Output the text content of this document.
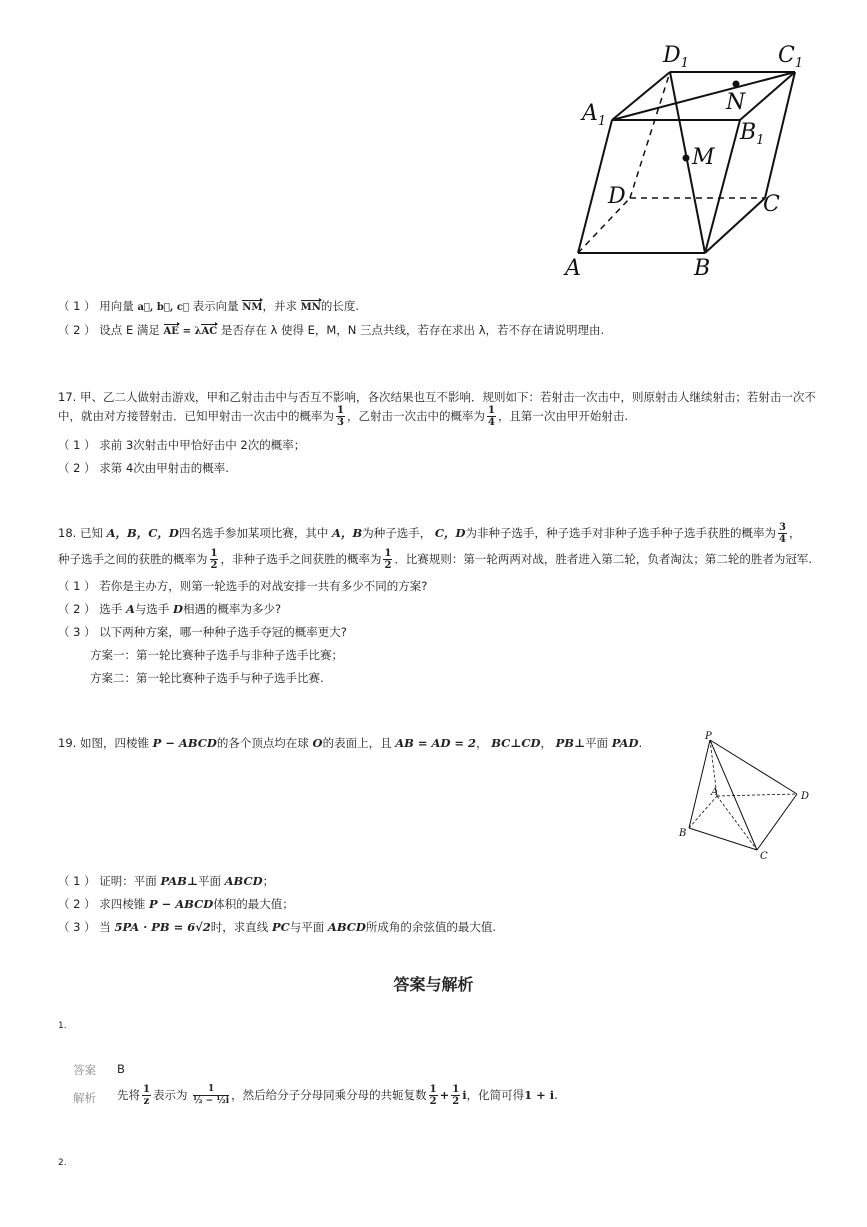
$D_1$	$C_1$
$A_1$	$B_1$
N
M
D	C
A	B
（ 1 ） 用向量 a⃗, b⃗, c⃗ 表示向量 NM，并求 MN的长度.
（ 2 ） 设点 E 满足 AE = λAC 是否存在 λ 使得 E，M，N 三点共线，若存在求出 λ，若不存在请说明理由.
17. 甲、乙二人做射击游戏，甲和乙射击击中与否互不影响，各次结果也互不影响．规则如下：若射击一次击中，则原射击人继续射击；若射击一次不
中，就由对方接替射击．已知甲射击一次击中的概率为 $\frac{1}{3}$ ，乙射击一次击中的概率为 $\frac{1}{4}$ ，且第一次由甲开始射击.
（ 1 ） 求前 3次射击中甲恰好击中 2次的概率；
（ 2 ） 求第 4次由甲射击的概率.
18. 已知 A，B，C，D四名选手参加某项比赛，其中 A，B为种子选手， C，D为非种子选手，种子选手对非种子选手种子选手获胜的概率为 $\frac{3}{4}$ ，
种子选手之间的获胜的概率为 $\frac{1}{2}$ ，非种子选手之间获胜的概率为 $\frac{1}{2}$ ．比赛规则：第一轮两两对战，胜者进入第二轮，负者淘汰；第二轮的胜者为冠军.
（ 1 ） 若你是主办方，则第一轮选手的对战安排一共有多少不同的方案?
（ 2 ） 选手 A与选手 D相遇的概率为多少?
（ 3 ） 以下两种方案，哪一种种子选手夺冠的概率更大?
方案一：第一轮比赛种子选手与非种子选手比赛；
方案二：第一轮比赛种子选手与种子选手比赛.
19. 如图，四棱锥 P − ABCD的各个顶点均在球 O的表面上，且 AB = AD = 2， BC⊥CD， PB⊥平面 PAD.	P
A
B
C
D
（ 1 ） 证明：平面 PAB⊥平面 ABCD；
（ 2 ） 求四棱锥 P − ABCD体积的最大值；
（ 3 ） 当 5PA · PB = 6√2时，求直线 PC与平面 ABCD所成角的余弦值的最大值.
答案与解析
1.
答案 B
解析 先将 $\frac{1}{z}$ 表示为 $\frac{1}{\text{½ − ½i}}$ ，然后给分子分母同乘分母的共轭复数 $\frac{1}{2} + \frac{1}{2}$ i，化简可得1 + i.
2.
